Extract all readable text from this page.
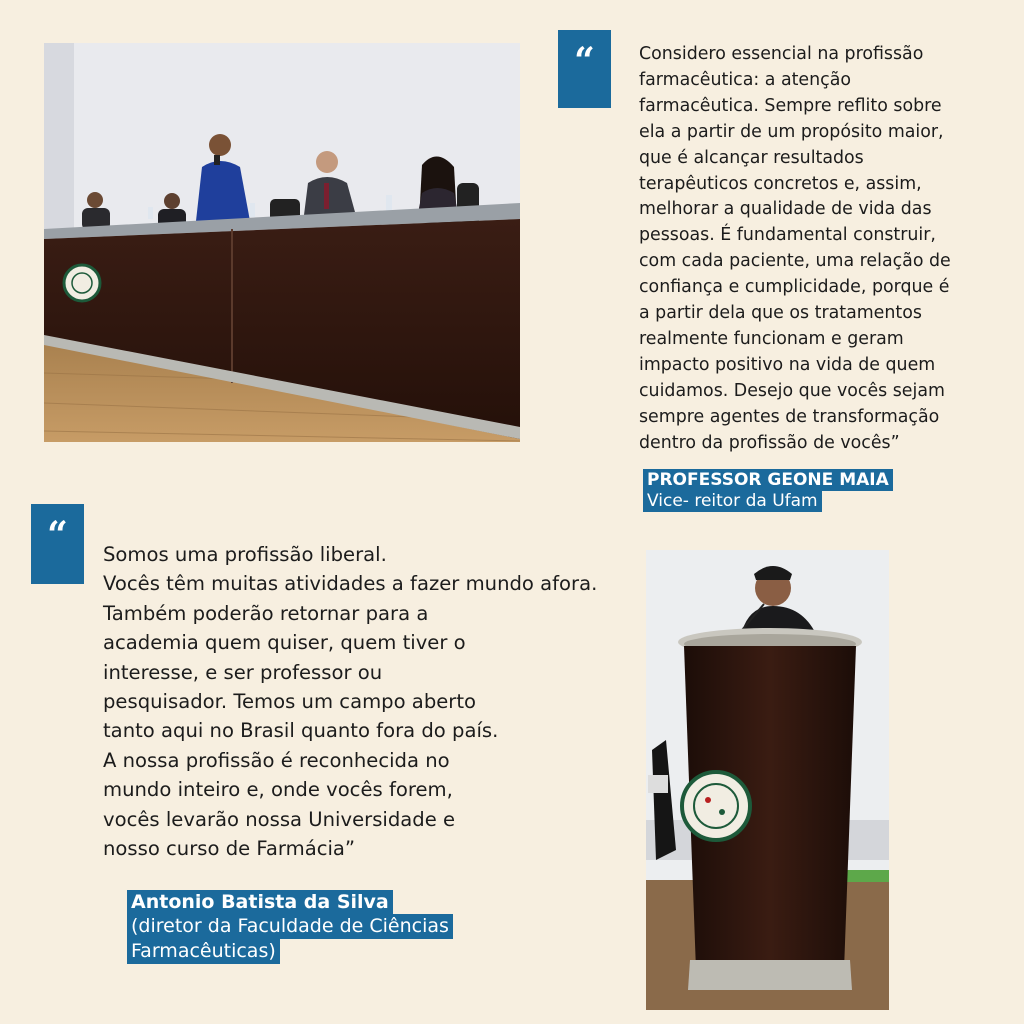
“	Considero essencial na profissão
farmacêutica: a atenção
farmacêutica. Sempre reflito sobre
ela a partir de um propósito maior,
que é alcançar resultados
terapêuticos concretos e, assim,
melhorar a qualidade de vida das
pessoas. É fundamental construir,
com cada paciente, uma relação de
confiança e cumplicidade, porque é
a partir dela que os tratamentos
realmente funcionam e geram
impacto positivo na vida de quem
cuidamos. Desejo que vocês sejam
sempre agentes de transformação
dentro da profissão de vocês”

PROFESSOR GEONE MAIA
Vice- reitor da Ufam
“	Somos uma profissão liberal.
Vocês têm muitas atividades a fazer mundo afora.
Também poderão retornar para a
academia quem quiser, quem tiver o
interesse, e ser professor ou
pesquisador. Temos um campo aberto
tanto aqui no Brasil quanto fora do país.
A nossa profissão é reconhecida no
mundo inteiro e, onde vocês forem,
vocês levarão nossa Universidade e
nosso curso de Farmácia”

Antonio Batista da Silva
(diretor da Faculdade de Ciências
Farmacêuticas)
